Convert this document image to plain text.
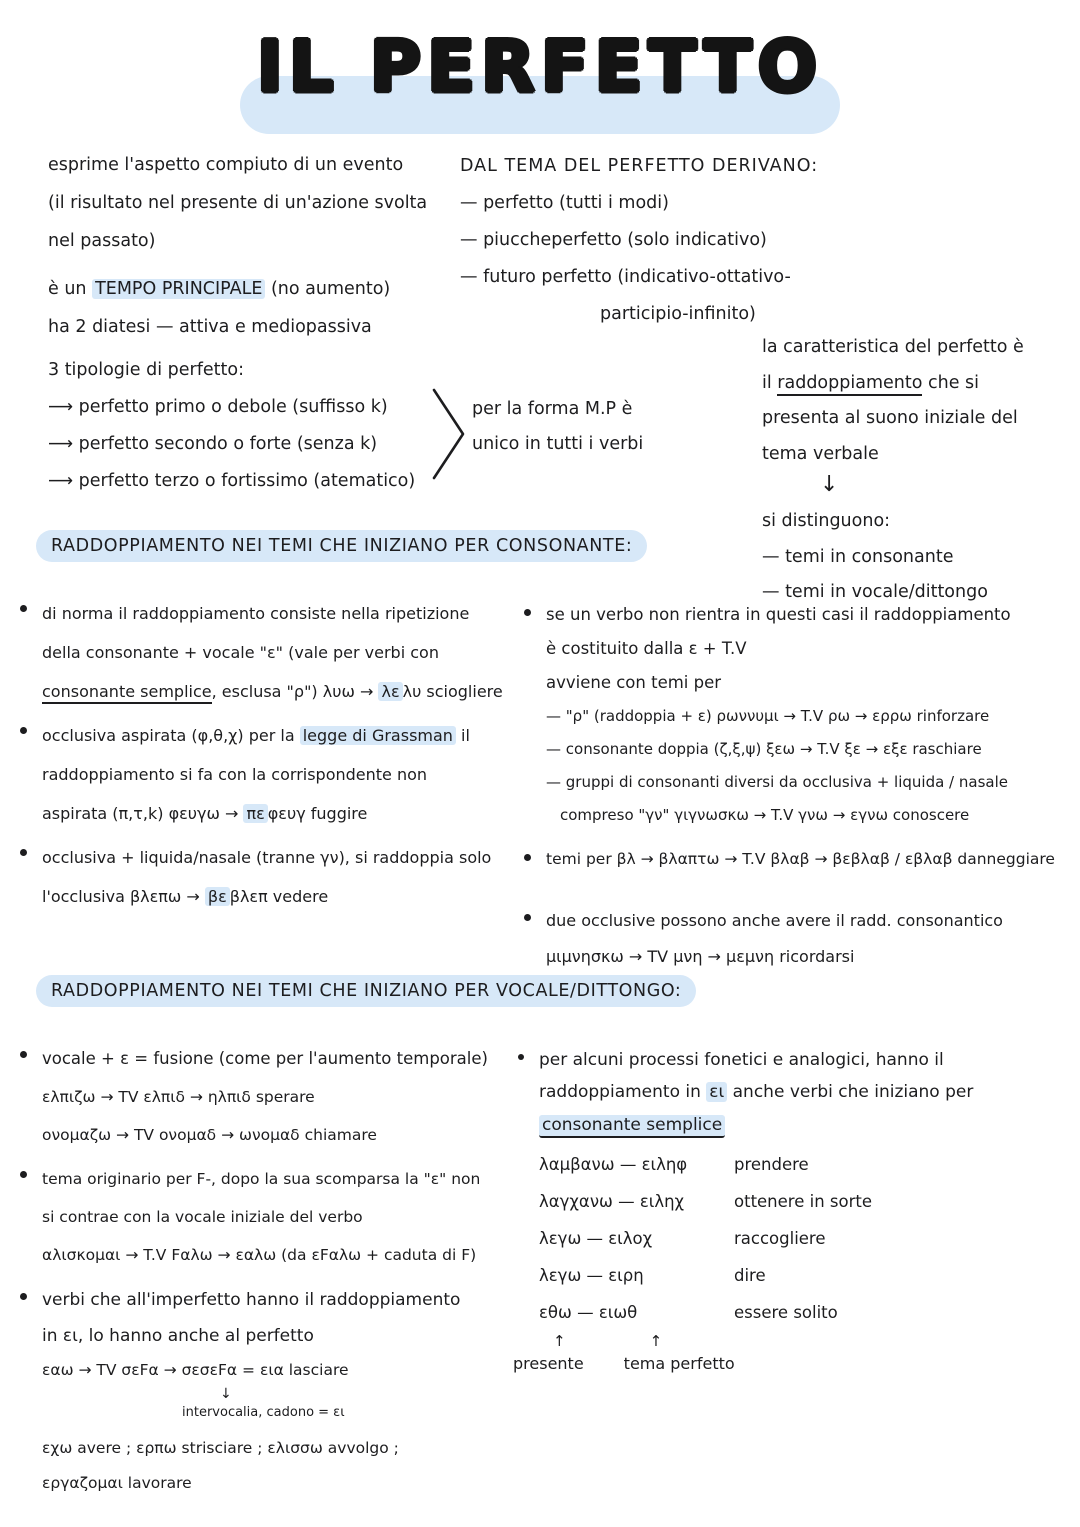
IL PERFETTO
esprime l'aspetto compiuto di un evento
(il risultato nel presente di un'azione svolta
nel passato)
DAL TEMA DEL PERFETTO DERIVANO:
— perfetto (tutti i modi)
— piuccheperfetto (solo indicativo)
— futuro perfetto (indicativo-ottativo-
participio-infinito)
è un TEMPO PRINCIPALE (no aumento)
ha 2 diatesi — attiva e mediopassiva
3 tipologie di perfetto:
⟶ perfetto primo o debole (suffisso k)
⟶ perfetto secondo o forte (senza k)
⟶ perfetto terzo o fortissimo (atematico)
per la forma M.P è
unico in tutti i verbi
la caratteristica del perfetto è
il raddoppiamento che si
presenta al suono iniziale del
tema verbale
↓
si distinguono:
— temi in consonante
— temi in vocale/dittongo
RADDOPPIAMENTO NEI TEMI CHE INIZIANO PER CONSONANTE:
di norma il raddoppiamento consiste nella ripetizione
della consonante + vocale "ε" (vale per verbi con
consonante semplice, esclusa "ρ") λυω → λε λυ sciogliere
occlusiva aspirata (φ,θ,χ) per la legge di Grassman il
raddoppiamento si fa con la corrispondente non
aspirata (π,τ,k) φευγω → πε φευγ fuggire
occlusiva + liquida/nasale (tranne γν), si raddoppia solo
l'occlusiva βλεπω → βε βλεπ vedere
se un verbo non rientra in questi casi il raddoppiamento
è costituito dalla ε + T.V
avviene con temi per
— "ρ" (raddoppia + ε) ρωννυμι → T.V ρω → ερρω rinforzare
— consonante doppia (ζ,ξ,ψ) ξεω → T.V ξε → εξε raschiare
— gruppi di consonanti diversi da occlusiva + liquida / nasale
compreso "γν" γιγνωσκω → T.V γνω → εγνω conoscere
temi per βλ → βλαπτω → T.V βλαβ → βεβλαβ / εβλαβ danneggiare
due occlusive possono anche avere il radd. consonantico
μιμνησκω → TV μνη → μεμνη ricordarsi
RADDOPPIAMENTO NEI TEMI CHE INIZIANO PER VOCALE/DITTONGO:
vocale + ε = fusione (come per l'aumento temporale)
ελπιζω → TV ελπιδ → ηλπιδ sperare
ονομαζω → TV ονομαδ → ωνομαδ chiamare
tema originario per Ϝ-, dopo la sua scomparsa la "ε" non
si contrae con la vocale iniziale del verbo
αλισκομαι → T.V Ϝαλω → εαλω (da εϜαλω + caduta di Ϝ)
verbi che all'imperfetto hanno il raddoppiamento
in ει, lo hanno anche al perfetto
εαω → TV σεϜα → σεσεϜα = εια lasciare
↓
intervocalia, cadono = ει
εχω avere ; ερπω strisciare ; ελισσω avvolgo ;
εργαζομαι lavorare
per alcuni processi fonetici e analogici, hanno il
raddoppiamento in ει anche verbi che iniziano per
consonante semplice
λαμβανω — ειληφ	prendere
λαγχανω — ειληχ	ottenere in sorte
λεγω — ειλοχ	raccogliere
λεγω — ειρη	dire
εθω — ειωθ	essere solito
↑	↑
presente	tema perfetto
